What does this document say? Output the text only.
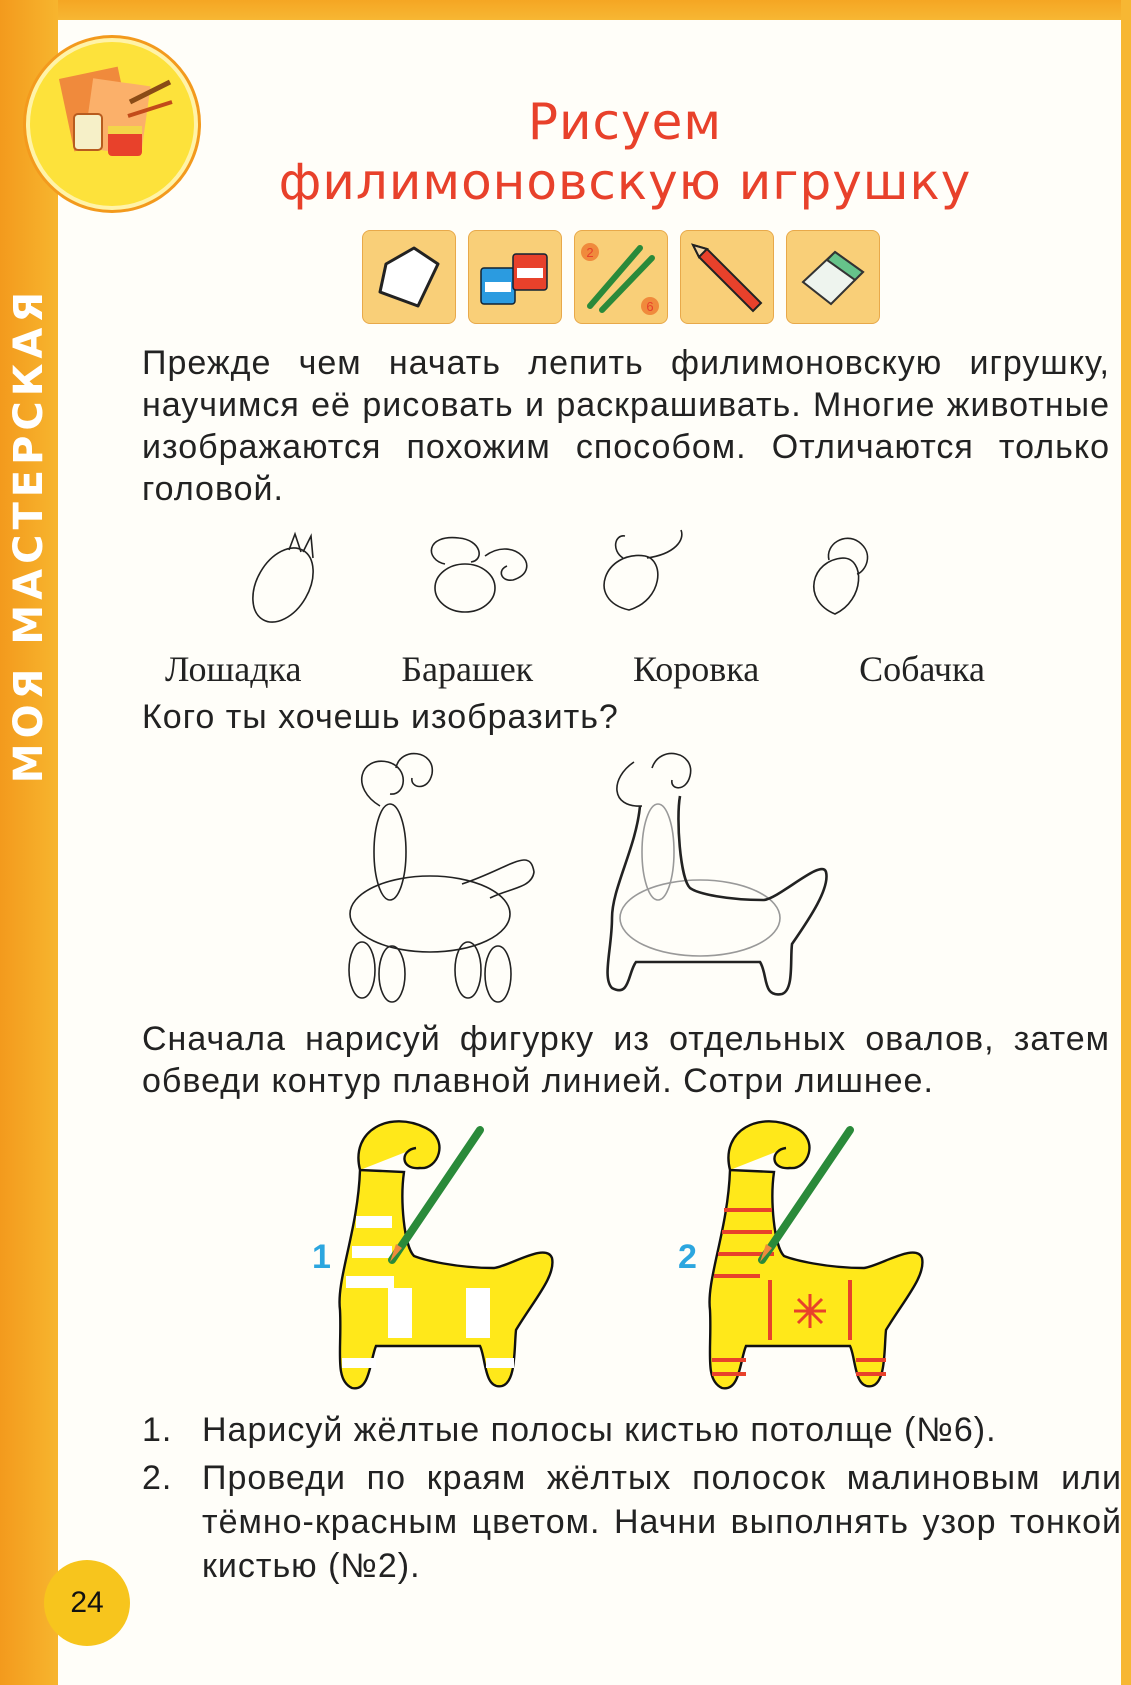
МОЯ МАСТЕРСКАЯ
24
Рисуем
филимоновскую игрушку
2
6
Прежде чем начать лепить филимоновскую игрушку, научимся её рисовать и раскрашивать. Многие животные изображаются похожим способом. Отличаются только головой.
Лошадка	Барашек	Коровка	Собачка
Кого ты хочешь изобразить?
Сначала нарисуй фигурку из отдельных овалов, затем обведи контур плавной линией. Сотри лишнее.
1	2
1. Нарисуй жёлтые полосы кистью потолще (№6).
2. Проведи по краям жёлтых полосок малиновым или тёмно-красным цветом. Начни выполнять узор тонкой кистью (№2).
